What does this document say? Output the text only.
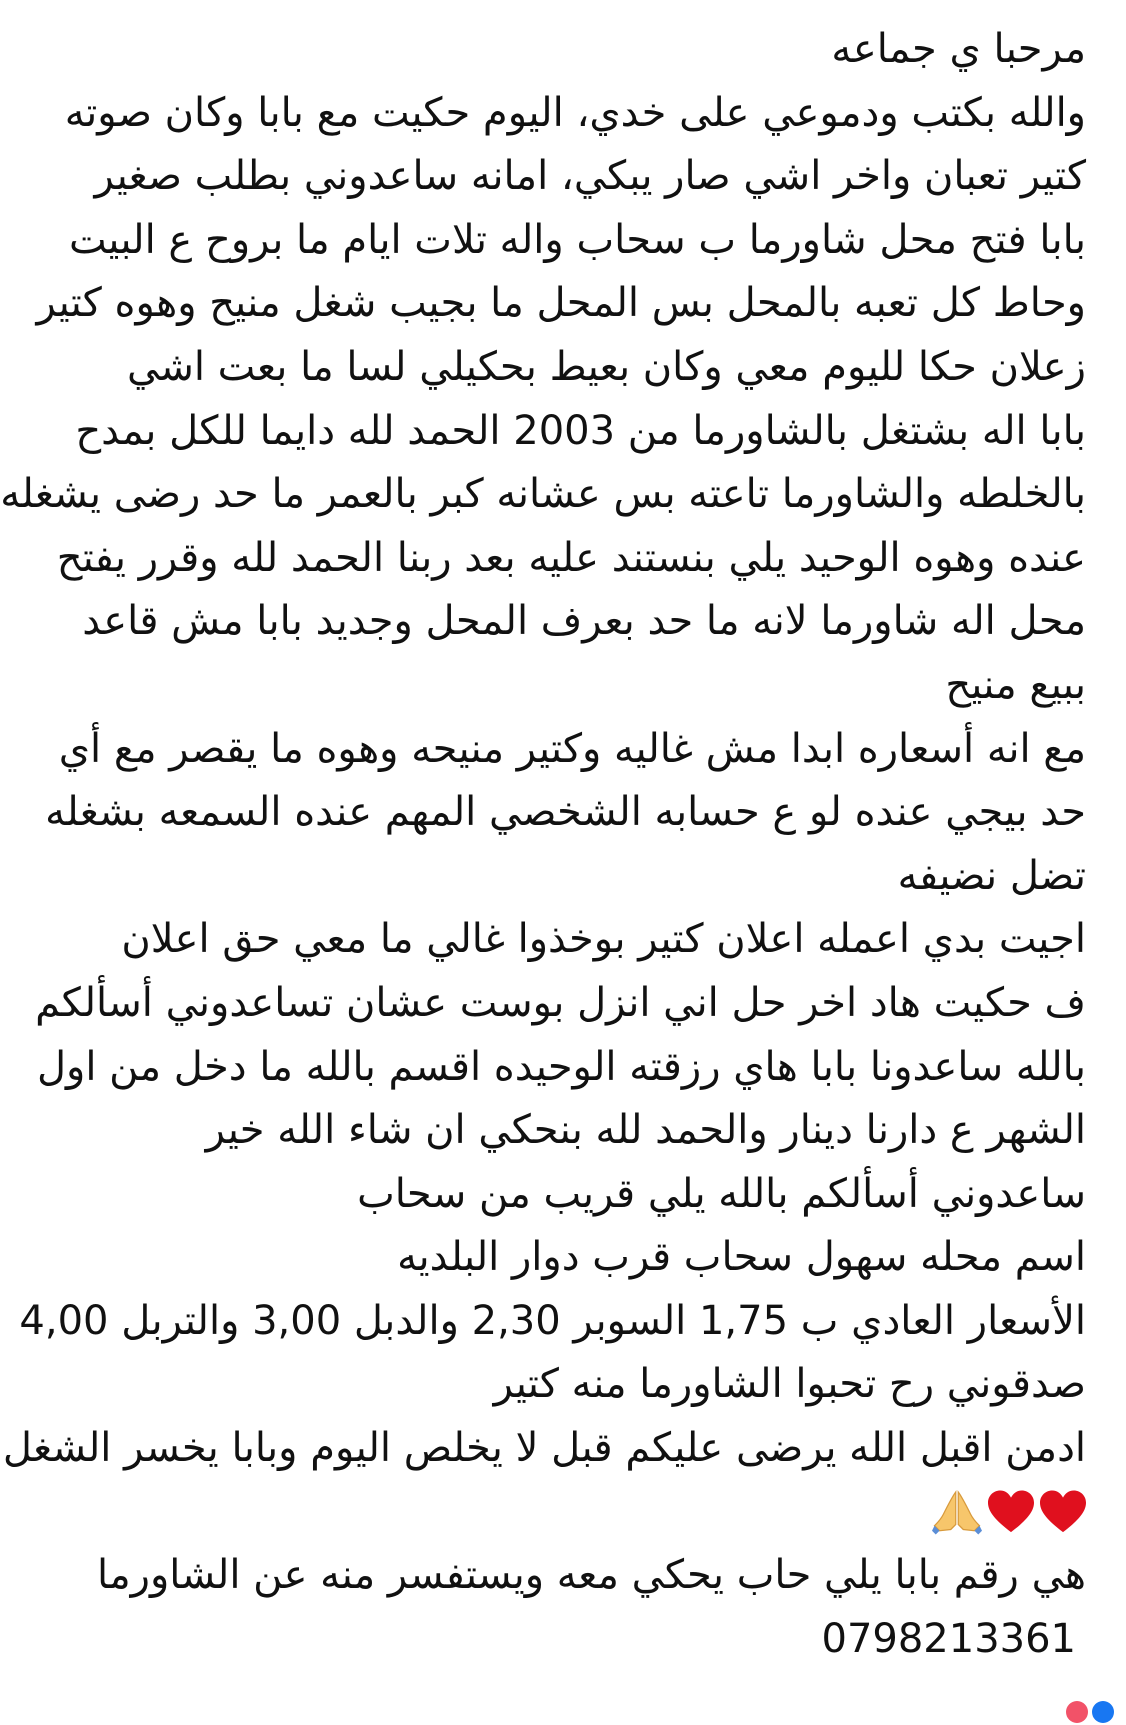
مرحبا ي جماعه

والله بكتب ودموعي على خدي، اليوم حكيت مع بابا وكان صوته

كتير تعبان واخر اشي صار يبكي، امانه ساعدوني بطلب صغير

بابا فتح محل شاورما ب سحاب واله تلات ايام ما بروح ع البيت

وحاط كل تعبه بالمحل بس المحل ما بجيب شغل منيح وهوه كتير

زعلان حكا لليوم معي وكان بعيط بحكيلي لسا ما بعت اشي

بابا اله بشتغل بالشاورما من 2003 الحمد لله دايما للكل بمدح

بالخلطه والشاورما تاعته بس عشانه كبر بالعمر ما حد رضى يشغله

عنده وهوه الوحيد يلي بنستند عليه بعد ربنا الحمد لله وقرر يفتح

محل اله شاورما لانه ما حد بعرف المحل وجديد بابا مش قاعد

ببيع منيح

مع انه أسعاره ابدا مش غاليه وكتير منيحه وهوه ما يقصر مع أي

حد بيجي عنده لو ع حسابه الشخصي المهم عنده السمعه بشغله

تضل نضيفه

اجيت بدي اعمله اعلان كتير بوخذوا غالي ما معي حق اعلان

ف حكيت هاد اخر حل اني انزل بوست عشان تساعدوني أسألكم

بالله ساعدونا بابا هاي رزقته الوحيده اقسم بالله ما دخل من اول

الشهر ع دارنا دينار والحمد لله بنحكي ان شاء الله خير

ساعدوني أسألكم بالله يلي قريب من سحاب

اسم محله سهول سحاب قرب دوار البلديه

الأسعار العادي ب 1,75 السوبر 2,30 والدبل 3,00 والتربل 4,00

صدقوني رح تحبوا الشاورما منه كتير

ادمن اقبل الله يرضى عليكم قبل لا يخلص اليوم وبابا يخسر الشغل

هي رقم بابا يلي حاب يحكي معه ويستفسر منه عن الشاورما

0798213361
